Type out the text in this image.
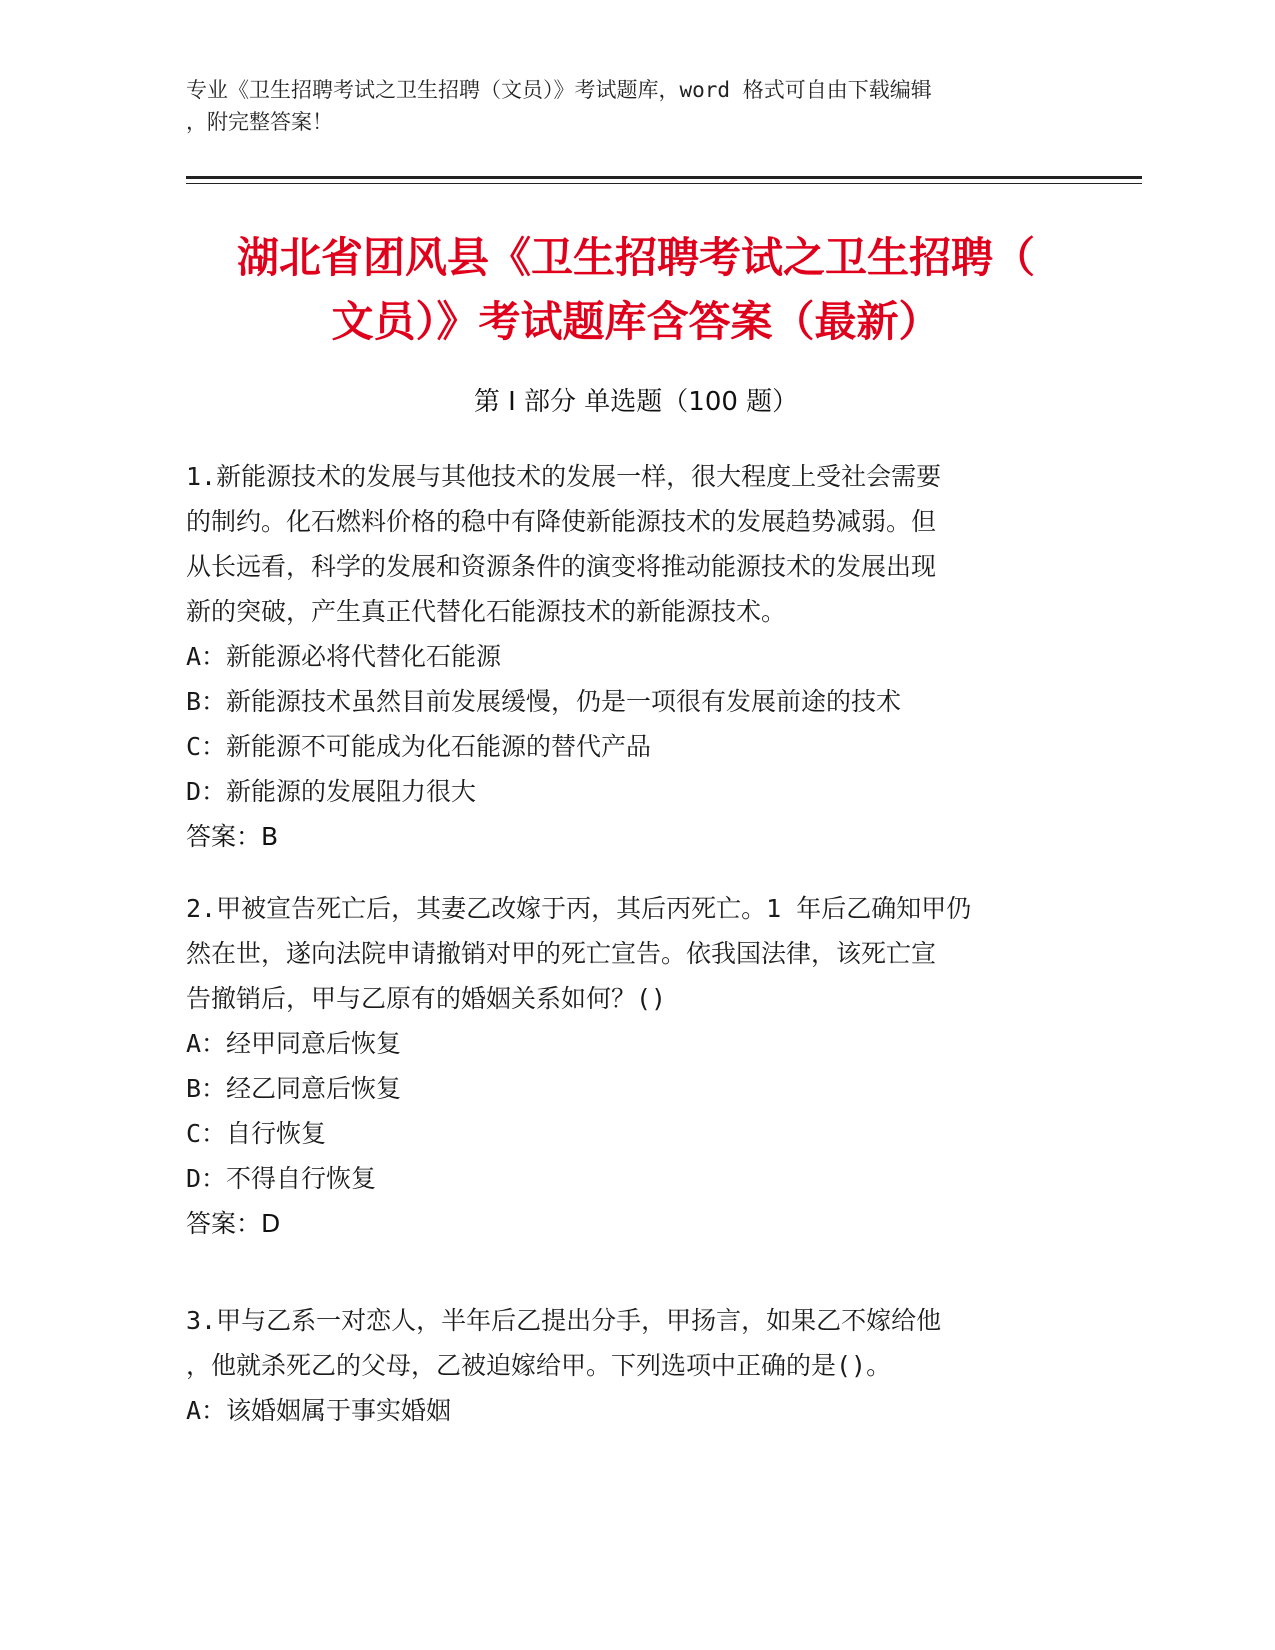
专业《卫生招聘考试之卫生招聘（文员）》考试题库，word 格式可自由下载编辑
，附完整答案！
湖北省团风县《卫生招聘考试之卫生招聘（
文员）》考试题库含答案（最新）
第 I 部分 单选题（100 题）

1.新能源技术的发展与其他技术的发展一样，很大程度上受社会需要
的制约。化石燃料价格的稳中有降使新能源技术的发展趋势减弱。但
从长远看，科学的发展和资源条件的演变将推动能源技术的发展出现
新的突破，产生真正代替化石能源技术的新能源技术。

A：新能源必将代替化石能源

B：新能源技术虽然目前发展缓慢，仍是一项很有发展前途的技术

C：新能源不可能成为化石能源的替代产品

D：新能源的发展阻力很大

答案：B

2.甲被宣告死亡后，其妻乙改嫁于丙，其后丙死亡。1 年后乙确知甲仍
然在世，遂向法院申请撤销对甲的死亡宣告。依我国法律，该死亡宣
告撤销后，甲与乙原有的婚姻关系如何？()

A：经甲同意后恢复

B：经乙同意后恢复

C：自行恢复

D：不得自行恢复

答案：D

3.甲与乙系一对恋人，半年后乙提出分手，甲扬言，如果乙不嫁给他
，他就杀死乙的父母，乙被迫嫁给甲。下列选项中正确的是()。

A：该婚姻属于事实婚姻
